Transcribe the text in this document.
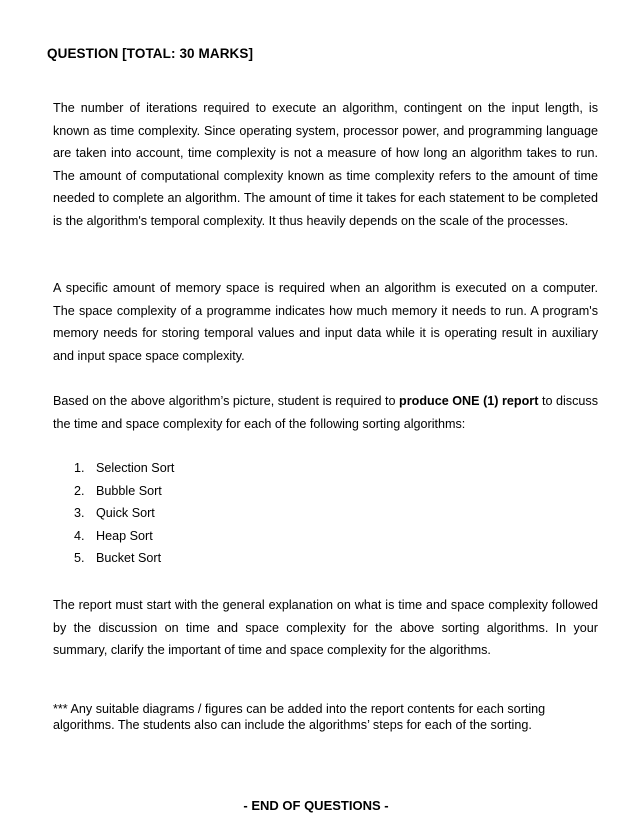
QUESTION [TOTAL: 30 MARKS]

The number of iterations required to execute an algorithm, contingent on the input length, is known as time complexity. Since operating system, processor power, and programming language are taken into account, time complexity is not a measure of how long an algorithm takes to run. The amount of computational complexity known as time complexity refers to the amount of time needed to complete an algorithm. The amount of time it takes for each statement to be completed is the algorithm's temporal complexity. It thus heavily depends on the scale of the processes.

A specific amount of memory space is required when an algorithm is executed on a computer. The space complexity of a programme indicates how much memory it needs to run. A program's memory needs for storing temporal values and input data while it is operating result in auxiliary and input space space complexity.

Based on the above algorithm’s picture, student is required to produce ONE (1) report to discuss the time and space complexity for each of the following sorting algorithms:

1. Selection Sort
2. Bubble Sort
3. Quick Sort
4. Heap Sort
5. Bucket Sort

The report must start with the general explanation on what is time and space complexity followed by the discussion on time and space complexity for the above sorting algorithms. In your summary, clarify the important of time and space complexity for the algorithms.

*** Any suitable diagrams / figures can be added into the report contents for each sorting algorithms. The students also can include the algorithms’ steps for each of the sorting.

- END OF QUESTIONS -
